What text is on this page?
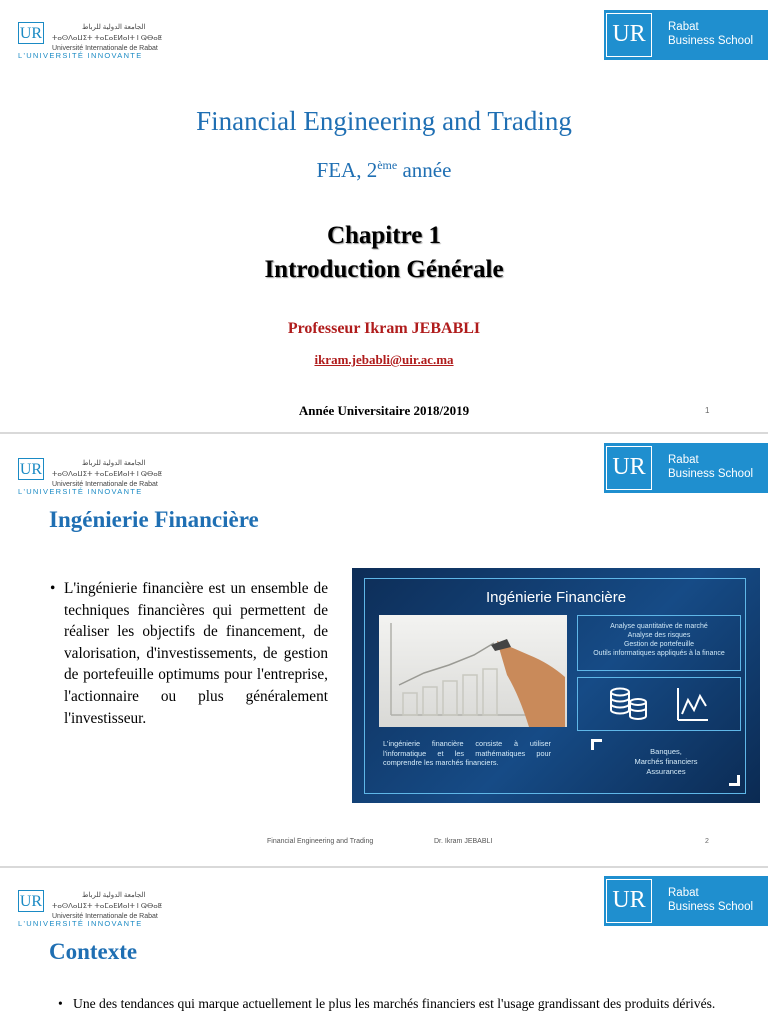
UR	الجامعة الدولية للرباط
ⵜⴰⵙⴷⴰⵡⵉⵜ ⵜⴰⵎⴰⴹⵍⴰⵏⵜ ⵏ ⵕⴱⴰⵟ
Université Internationale de Rabat
L'UNIVERSITÉ INNOVANTE
UR	Rabat
Business School
Financial Engineering and Trading
FEA, 2ème année
Chapitre 1
Introduction Générale
Professeur Ikram JEBABLI
ikram.jebabli@uir.ac.ma
Année Universitaire 2018/2019	1
UR	الجامعة الدولية للرباط
ⵜⴰⵙⴷⴰⵡⵉⵜ ⵜⴰⵎⴰⴹⵍⴰⵏⵜ ⵏ ⵕⴱⴰⵟ
Université Internationale de Rabat
L'UNIVERSITÉ INNOVANTE
UR	Rabat
Business School
Ingénierie Financière
• L'ingénierie financière est un ensemble de techniques financières qui permettent de réaliser les objectifs de financement, de valorisation, d'investissements, de gestion de portefeuille optimums pour l'entreprise, l'actionnaire ou plus généralement l'investisseur.
Ingénierie Financière
Analyse quantitative de marché
Analyse des risques
Gestion de portefeuille
Outils informatiques appliqués à la finance
L'ingénierie financière consiste à utiliser l'informatique et les mathématiques pour comprendre les marchés financiers.
Banques,
Marchés financiers
Assurances
Financial Engineering and Trading	Dr. Ikram JEBABLI	2
UR	الجامعة الدولية للرباط
ⵜⴰⵙⴷⴰⵡⵉⵜ ⵜⴰⵎⴰⴹⵍⴰⵏⵜ ⵏ ⵕⴱⴰⵟ
Université Internationale de Rabat
L'UNIVERSITÉ INNOVANTE
UR	Rabat
Business School
Contexte
• Une des tendances qui marque actuellement le plus les marchés financiers est l'usage grandissant des produits dérivés.
